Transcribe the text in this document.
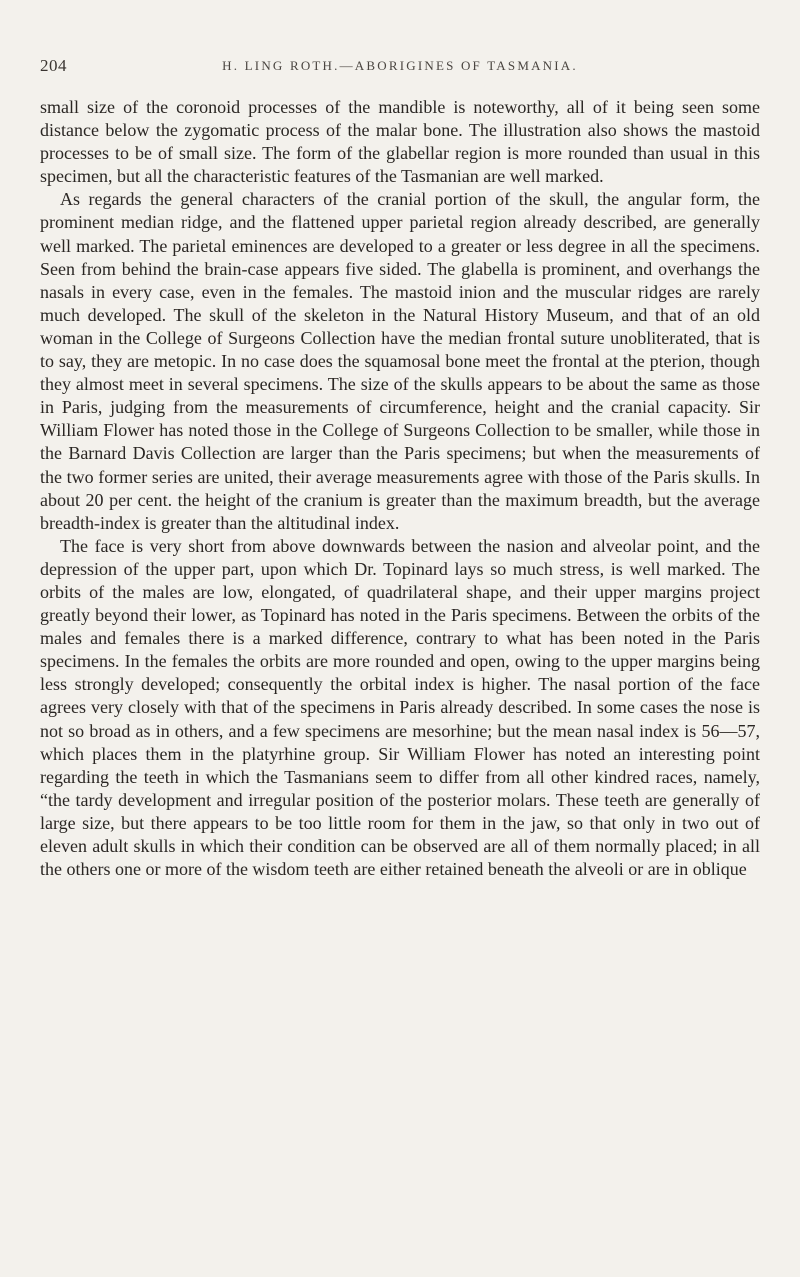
204	H. LING ROTH.—ABORIGINES OF TASMANIA.

small size of the coronoid processes of the mandible is noteworthy, all of it being seen some distance below the zygomatic process of the malar bone. The illustration also shows the mastoid processes to be of small size. The form of the glabellar region is more rounded than usual in this specimen, but all the characteristic features of the Tasmanian are well marked.

As regards the general characters of the cranial portion of the skull, the angular form, the prominent median ridge, and the flattened upper parietal region already described, are generally well marked. The parietal eminences are developed to a greater or less degree in all the specimens. Seen from behind the brain-case appears five sided. The glabella is prominent, and overhangs the nasals in every case, even in the females. The mastoid inion and the muscular ridges are rarely much developed. The skull of the skeleton in the Natural History Museum, and that of an old woman in the College of Surgeons Collection have the median frontal suture unobliterated, that is to say, they are metopic. In no case does the squamosal bone meet the frontal at the pterion, though they almost meet in several specimens. The size of the skulls appears to be about the same as those in Paris, judging from the measurements of circumference, height and the cranial capacity. Sir William Flower has noted those in the College of Surgeons Collection to be smaller, while those in the Barnard Davis Collection are larger than the Paris specimens; but when the measurements of the two former series are united, their average measurements agree with those of the Paris skulls. In about 20 per cent. the height of the cranium is greater than the maximum breadth, but the average breadth-index is greater than the altitudinal index.

The face is very short from above downwards between the nasion and alveolar point, and the depression of the upper part, upon which Dr. Topinard lays so much stress, is well marked. The orbits of the males are low, elongated, of quadrilateral shape, and their upper margins project greatly beyond their lower, as Topinard has noted in the Paris specimens. Between the orbits of the males and females there is a marked difference, contrary to what has been noted in the Paris specimens. In the females the orbits are more rounded and open, owing to the upper margins being less strongly developed; consequently the orbital index is higher. The nasal portion of the face agrees very closely with that of the specimens in Paris already described. In some cases the nose is not so broad as in others, and a few specimens are mesorhine; but the mean nasal index is 56—57, which places them in the platyrhine group. Sir William Flower has noted an interesting point regarding the teeth in which the Tasmanians seem to differ from all other kindred races, namely, “the tardy development and irregular position of the posterior molars. These teeth are generally of large size, but there appears to be too little room for them in the jaw, so that only in two out of eleven adult skulls in which their condition can be observed are all of them normally placed; in all the others one or more of the wisdom teeth are either retained beneath the alveoli or are in oblique
